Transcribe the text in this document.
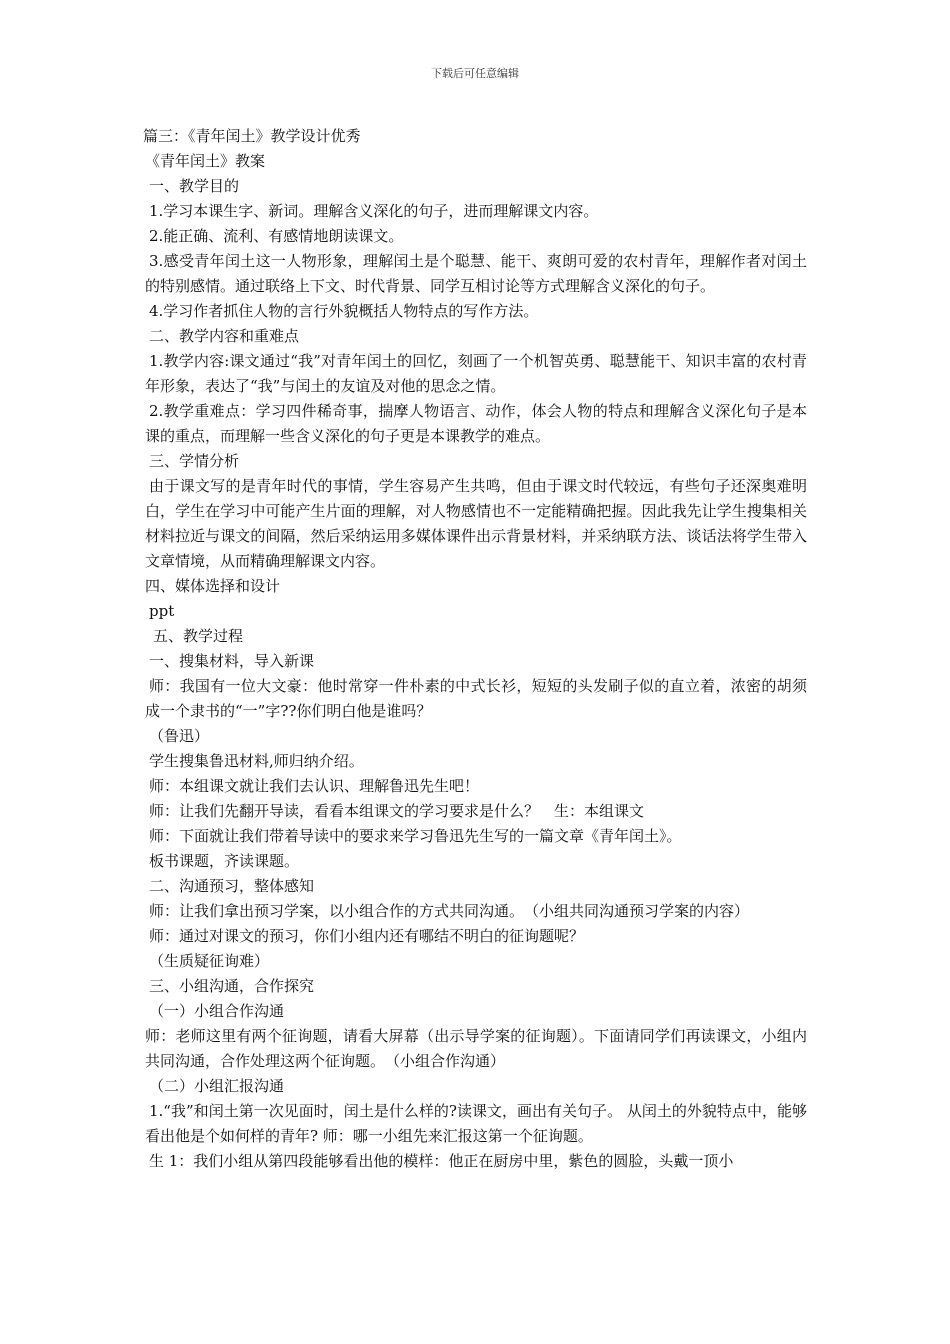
下载后可任意编辑

篇三：《青年闰土》教学设计优秀

《青年闰土》教案

一、教学目的

1.学习本课生字、新词。理解含义深化的句子，进而理解课文内容。

2.能正确、流利、有感情地朗读课文。

3.感受青年闰土这一人物形象，理解闰土是个聪慧、能干、爽朗可爱的农村青年，理解作者对闰土的特别感情。通过联络上下文、时代背景、同学互相讨论等方式理解含义深化的句子。

4.学习作者抓住人物的言行外貌概括人物特点的写作方法。

二、教学内容和重难点

1.教学内容:课文通过“我”对青年闰土的回忆，刻画了一个机智英勇、聪慧能干、知识丰富的农村青年形象，表达了“我”与闰土的友谊及对他的思念之情。

2.教学重难点：学习四件稀奇事，揣摩人物语言、动作，体会人物的特点和理解含义深化句子是本课的重点，而理解一些含义深化的句子更是本课教学的难点。

三、学情分析

由于课文写的是青年时代的事情，学生容易产生共鸣，但由于课文时代较远，有些句子还深奥难明白，学生在学习中可能产生片面的理解，对人物感情也不一定能精确把握。因此我先让学生搜集相关材料拉近与课文的间隔，然后采纳运用多媒体课件出示背景材料，并采纳联方法、谈话法将学生带入文章情境，从而精确理解课文内容。

四、媒体选择和设计

ppt

五、教学过程

一、搜集材料，导入新课

师：我国有一位大文豪：他时常穿一件朴素的中式长衫，短短的头发刷子似的直立着，浓密的胡须成一个隶书的“一”字??你们明白他是谁吗？

（鲁迅）

学生搜集鲁迅材料,师归纳介绍。

师：本组课文就让我们去认识、理解鲁迅先生吧！

师：让我们先翻开导读，看看本组课文的学习要求是什么？　生：本组课文

师：下面就让我们带着导读中的要求来学习鲁迅先生写的一篇文章《青年闰土》。

板书课题，齐读课题。

二、沟通预习，整体感知

师：让我们拿出预习学案，以小组合作的方式共同沟通。　（小组共同沟通预习学案的内容）

师：通过对课文的预习，你们小组内还有哪结不明白的征询题呢？

（生质疑征询难）

三、小组沟通，合作探究

（一）小组合作沟通

师：老师这里有两个征询题，请看大屏幕（出示导学案的征询题）。下面请同学们再读课文，小组内共同沟通，合作处理这两个征询题。　（小组合作沟通）

（二）小组汇报沟通

1.“我”和闰土第一次见面时，闰土是什么样的?读课文，画出有关句子。 从闰土的外貌特点中，能够看出他是个如何样的青年? 师：哪一小组先来汇报这第一个征询题。

生 1：我们小组从第四段能够看出他的模样：他正在厨房中里，紫色的圆脸，头戴一顶小
